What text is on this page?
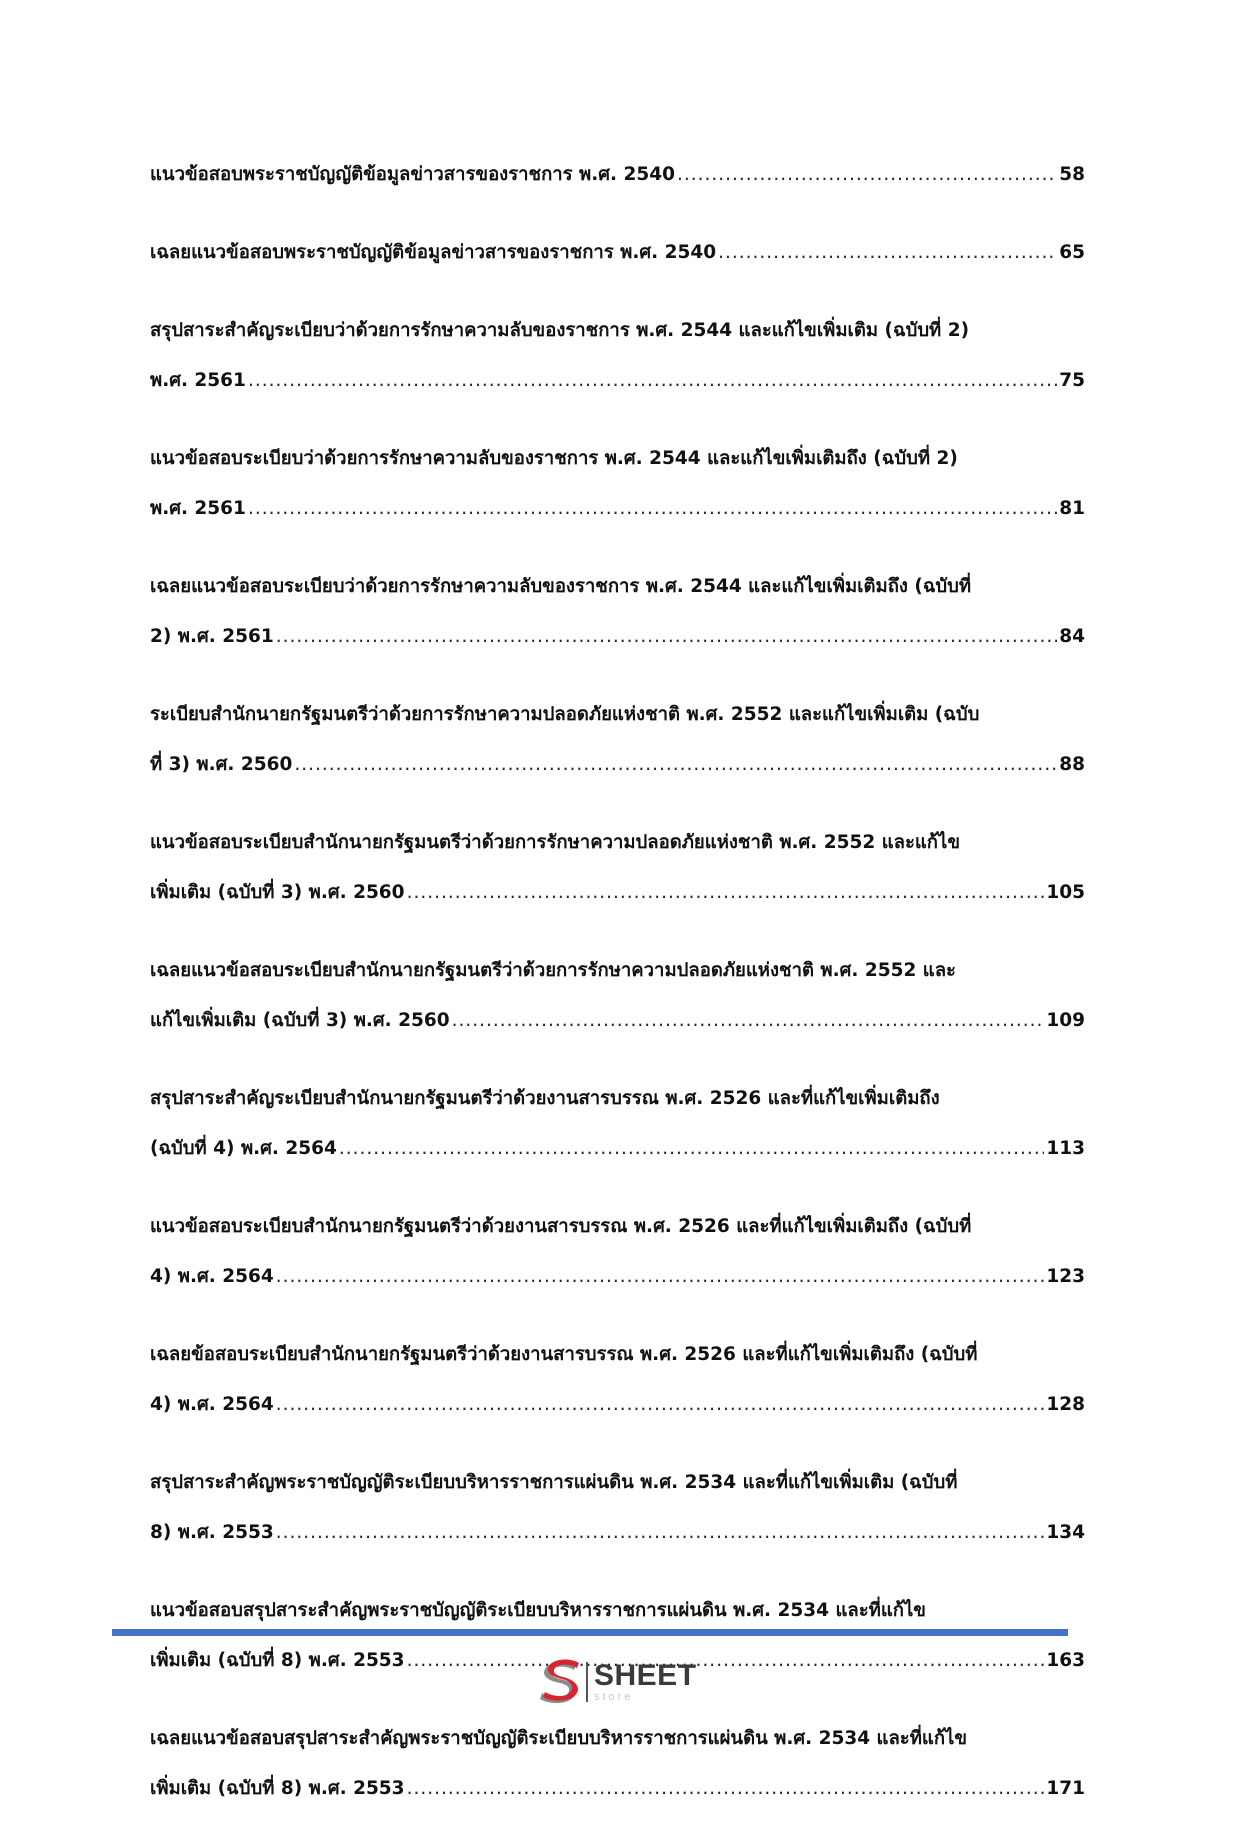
แนวข้อสอบพระราชบัญญัติข้อมูลข่าวสารของราชการ พ.ศ. 2540 .....	58
เฉลยแนวข้อสอบพระราชบัญญัติข้อมูลข่าวสารของราชการ พ.ศ. 2540 .....	65
สรุปสาระสำคัญระเบียบว่าด้วยการรักษาความลับของราชการ พ.ศ. 2544 และแก้ไขเพิ่มเติม (ฉบับที่ 2)
พ.ศ. 2561 .....	75
แนวข้อสอบระเบียบว่าด้วยการรักษาความลับของราชการ พ.ศ. 2544 และแก้ไขเพิ่มเติมถึง (ฉบับที่ 2)
พ.ศ. 2561 .....	81
เฉลยแนวข้อสอบระเบียบว่าด้วยการรักษาความลับของราชการ พ.ศ. 2544 และแก้ไขเพิ่มเติมถึง (ฉบับที่
2) พ.ศ. 2561 .....	84
ระเบียบสำนักนายกรัฐมนตรีว่าด้วยการรักษาความปลอดภัยแห่งชาติ พ.ศ. 2552 และแก้ไขเพิ่มเติม (ฉบับ
ที่ 3) พ.ศ. 2560 .....	88
แนวข้อสอบระเบียบสำนักนายกรัฐมนตรีว่าด้วยการรักษาความปลอดภัยแห่งชาติ พ.ศ. 2552 และแก้ไข
เพิ่มเติม (ฉบับที่ 3) พ.ศ. 2560 .....	105
เฉลยแนวข้อสอบระเบียบสำนักนายกรัฐมนตรีว่าด้วยการรักษาความปลอดภัยแห่งชาติ พ.ศ. 2552 และ
แก้ไขเพิ่มเติม (ฉบับที่ 3) พ.ศ. 2560 .....	109
สรุปสาระสำคัญระเบียบสำนักนายกรัฐมนตรีว่าด้วยงานสารบรรณ พ.ศ. 2526 และที่แก้ไขเพิ่มเติมถึง
(ฉบับที่ 4) พ.ศ. 2564 .....	113
แนวข้อสอบระเบียบสำนักนายกรัฐมนตรีว่าด้วยงานสารบรรณ พ.ศ. 2526 และที่แก้ไขเพิ่มเติมถึง (ฉบับที่
4) พ.ศ. 2564 .....	123
เฉลยข้อสอบระเบียบสำนักนายกรัฐมนตรีว่าด้วยงานสารบรรณ พ.ศ. 2526 และที่แก้ไขเพิ่มเติมถึง (ฉบับที่
4) พ.ศ. 2564 .....	128
สรุปสาระสำคัญพระราชบัญญัติระเบียบบริหารราชการแผ่นดิน พ.ศ. 2534 และที่แก้ไขเพิ่มเติม (ฉบับที่
8) พ.ศ. 2553 .....	134
แนวข้อสอบสรุปสาระสำคัญพระราชบัญญัติระเบียบบริหารราชการแผ่นดิน พ.ศ. 2534 และที่แก้ไข
เพิ่มเติม (ฉบับที่ 8) พ.ศ. 2553 .....	163
เฉลยแนวข้อสอบสรุปสาระสำคัญพระราชบัญญัติระเบียบบริหารราชการแผ่นดิน พ.ศ. 2534 และที่แก้ไข
เพิ่มเติม (ฉบับที่ 8) พ.ศ. 2553 .....	171
SHEET
store
